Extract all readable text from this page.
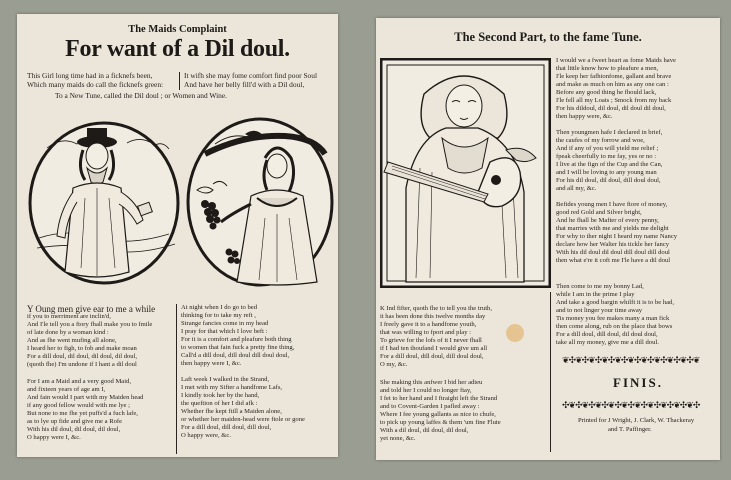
The Maids Complaint
For want of a Dil doul.
This Girl long time had in a ficknefs been,
Which many maids do call the ficknefs green:
It wifh she may fome comfort find poor Soul
And have her belly fill'd with a Dil doul,
To a New Tune, called the Dil doul ; or Women and Wine.
Y Oung men give ear to me a while
if you to merriment are inclin'd,
And I'le tell you a ftory fhall make you to fmile
of late done by a woman kind :
And as fhe went mufing all alone,
I heard her to figh, to fob and make moan
For a dill doul, dil doul, dil doul, dil doul,
(quoth fhe) I'm undone if I hant a dil doul
For I am a Maid and a very good Maid,
and fixteen years of age am I,
And fain would I part with my Maiden head
if any good fellow would with me lye ;
But none to me fhe yet puffs'd a fuch lafe,
as to lye up fide and give me a Rofe
With his dil doul, dil doul, dil doul,
O happy were I, &c.
At night when I do go to bed
thinking for to take my reft ,
Strange fancies come in my head
I pray for that which I love beft :
For it is a comfort and pleafure both thing
to women that fain fuck a pretty fine thing,
Call'd a dill doul, dill doul dill doul doul,
then happy were I, &c.
Laft week I walked in the Strand,
I met with my Sifter a handfome Lafs,
I kindly took her by the hand,
the queftion of her I did afk :
Whether fhe kept ftill a Maiden alone,
or whether her maiden-head were ftole or gone
For a dill doul, dill doul, dill doul,
O happy were, &c.
The Second Part, to the fame Tune.
I would we a fweet heart as fome Maids have
that little know how to pleafure a men,
I'le keep her fafhionfome, gallant and brave
and make as much on him as any one can :
Before any good thing he fhould lack,
I'le fell all my Loats ; Smock from my back
For his dildoul, dil doul, dil doul dil doul,
then happy were, &c.
Then youngmen hafe I declared in brief,
the caufes of my forrow and woe,
And if any of you will yield me relief ;
fpeak cheerfully to me fay, yes or no :
I live at the fign of the Cup and the Can,
and I will be loving to any young man
For his dil doul, dil doul, dill doul doul,
and all my, &c.
Befides young men I have ftore of money,
good red Gold and Silver bright,
And he fhall be Mafter of every penny,
that marries with me and yields me delight
For why to ther night I heard my name Nancy
declare how her Walter his tickle her fancy
With his dil doul dil doul dill doul dill doul
then what e're it coft me I'le have a dil doul
K Ind fifter, quoth fhe to tell you the truth,
it has been done this twelve months day
I freely gave it to a handfome youth,
that was willing to fport and play :
To grieve for the lofs of it I never fhall
if I had ten thoufand I would give um all
For a dill doul, dill doul, dill doul doul,
O my, &c.
She making this anfwer I bid her adieu
and told her I could no longer ftay,
I fet to her hand and I ftraight left the Strand
and to Covent-Garden I pafled away :
Where I fee young gallants as nice to chufe,
to pick up young laffes & them 'um fine Flute
With a dil doul, dil doul, dil doul,
yet none, &c.
Then come to me my bonny Lad,
while I am in the prime I play
And take a good bargin whilft it is to be had,
and to not linger your time away
Tis money you fee makes many a man fick
then come along, rub on the place that bows
For a dill doul, dill doul, dil doul doul,
take all my money, give me a dill doul.
❦✣❦✣❦✣❦✣❦✣❦✣❦✣❦✣❦✣❦✣❦
FINIS.
✣❦✣❦✣❦✣❦✣❦✣❦✣❦✣❦✣❦✣❦✣
Printed for J Wright, J. Clark, W. Thackeray
and T. Paffinger.
